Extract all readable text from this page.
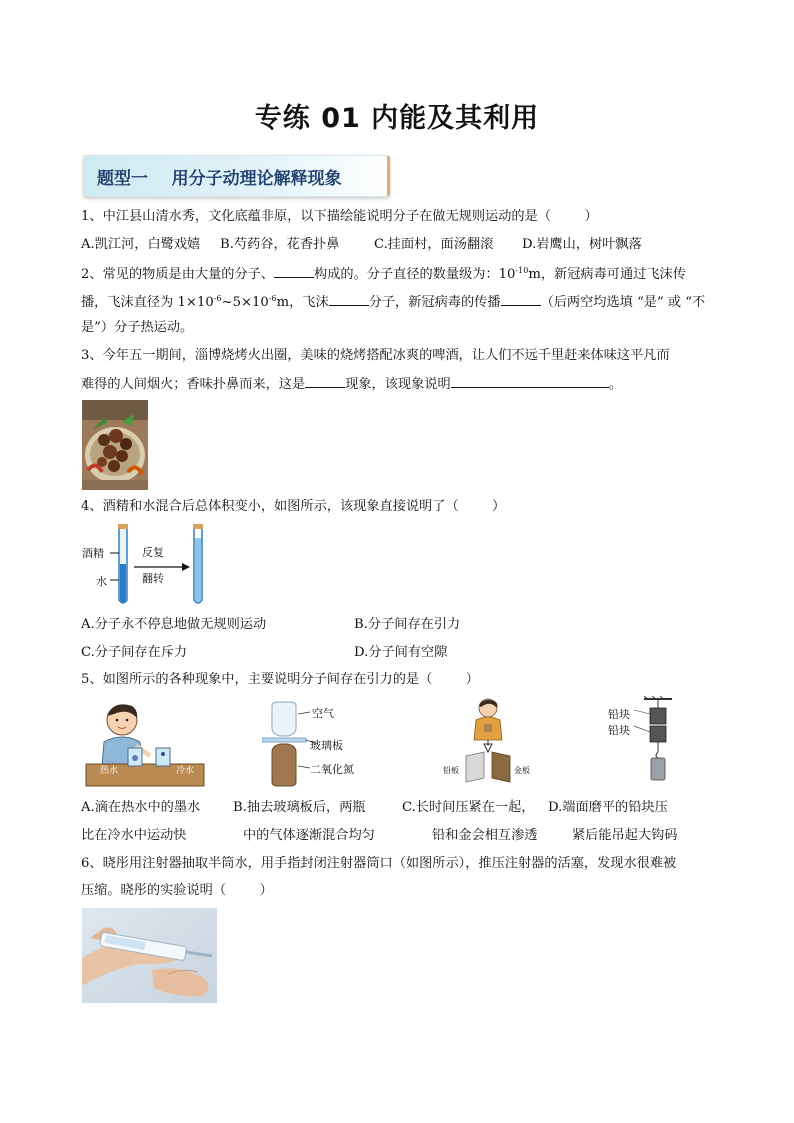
专练 01 内能及其利用
题型一    用分子动理论解释现象
1、中江县山清水秀，文化底蕴非原，以下描绘能说明分子在做无规则运动的是（        ）
A.凯江河，白鹭戏嬉 B.芍药谷，花香扑鼻	C.挂面村，面汤翻滚 D.岩鹰山，树叶飘落
2、常见的物质是由大量的分子、	构成的。分子直径的数量级为：$10^{-10}m$，新冠病毒可通过飞沫传
播，飞沫直径为 $1\times 10^{-6}\sim 5\times 10^{-6}m$，飞沫	分子，新冠病毒的传播	（后两空均选填 “是” 或 “不
是”）分子热运动。
3、今年五一期间，淄博烧烤火出圈，美味的烧烤搭配冰爽的啤酒，让人们不远千里赶来体味这平凡而
难得的人间烟火；香味扑鼻而来，这是	现象，该现象说明	。
4、酒精和水混合后总体积变小，如图所示，该现象直接说明了（        ）
酒精
水
反复
翻转
A.分子永不停息地做无规则运动	B.分子间存在引力
C.分子间存在斥力	D.分子间有空隙
5、如图所示的各种现象中，主要说明分子间存在引力的是（        ）
热水	冷水
空气
玻璃板
二氧化氮	铅板	金板
铅块
铅块
A.滴在热水中的墨水
比在冷水中运动快
B.抽去玻璃板后，两瓶
中的气体逐渐混合均匀
C.长时间压紧在一起，
铅和金会相互渗透
D.端面磨平的铅块压
紧后能吊起大钩码
6、晓彤用注射器抽取半筒水，用手指封闭注射器筒口（如图所示），推压注射器的活塞，发现水很难被
压缩。晓彤的实验说明（        ）
